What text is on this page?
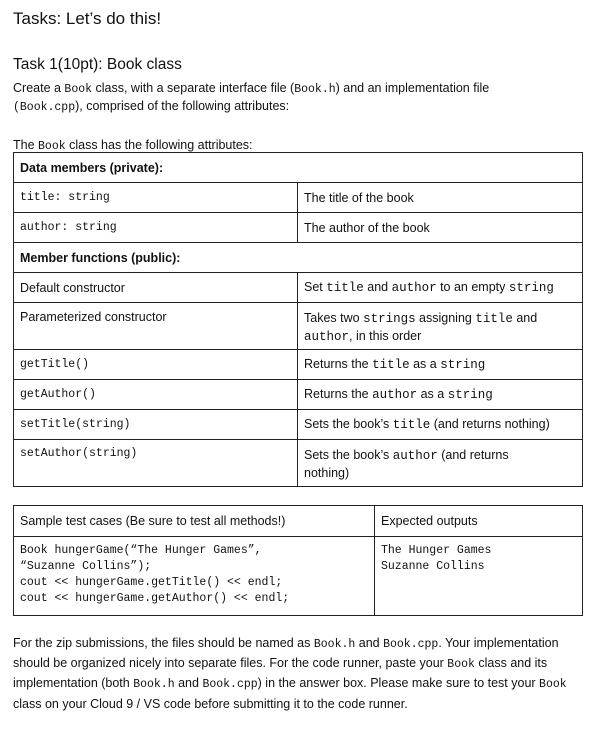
Tasks: Let’s do this!
Task 1(10pt): Book class
Create a Book class, with a separate interface file (Book.h) and an implementation file
(Book.cpp), comprised of the following attributes:
The Book class has the following attributes:
Data members (private):	
title: string	The title of the book
author: string	The author of the book
Member functions (public):	
Default constructor	Set title and author to an empty string
Parameterized constructor	Takes two strings assigning title and
author, in this order
getTitle()	Returns the title as a string
getAuthor()	Returns the author as a string
setTitle(string)	Sets the book’s title (and returns nothing)
setAuthor(string)	Sets the book’s author (and returns
nothing)
Sample test cases (Be sure to test all methods!)	Expected outputs
Book hungerGame(“The Hunger Games”,
“Suzanne Collins”);
cout << hungerGame.getTitle() << endl;
cout << hungerGame.getAuthor() << endl;	The Hunger Games
Suzanne Collins
For the zip submissions, the files should be named as Book.h and Book.cpp. Your implementation should be organized nicely into separate files. For the code runner, paste your Book class and its implementation (both Book.h and Book.cpp) in the answer box. Please make sure to test your Book class on your Cloud 9 / VS code before submitting it to the code runner.
